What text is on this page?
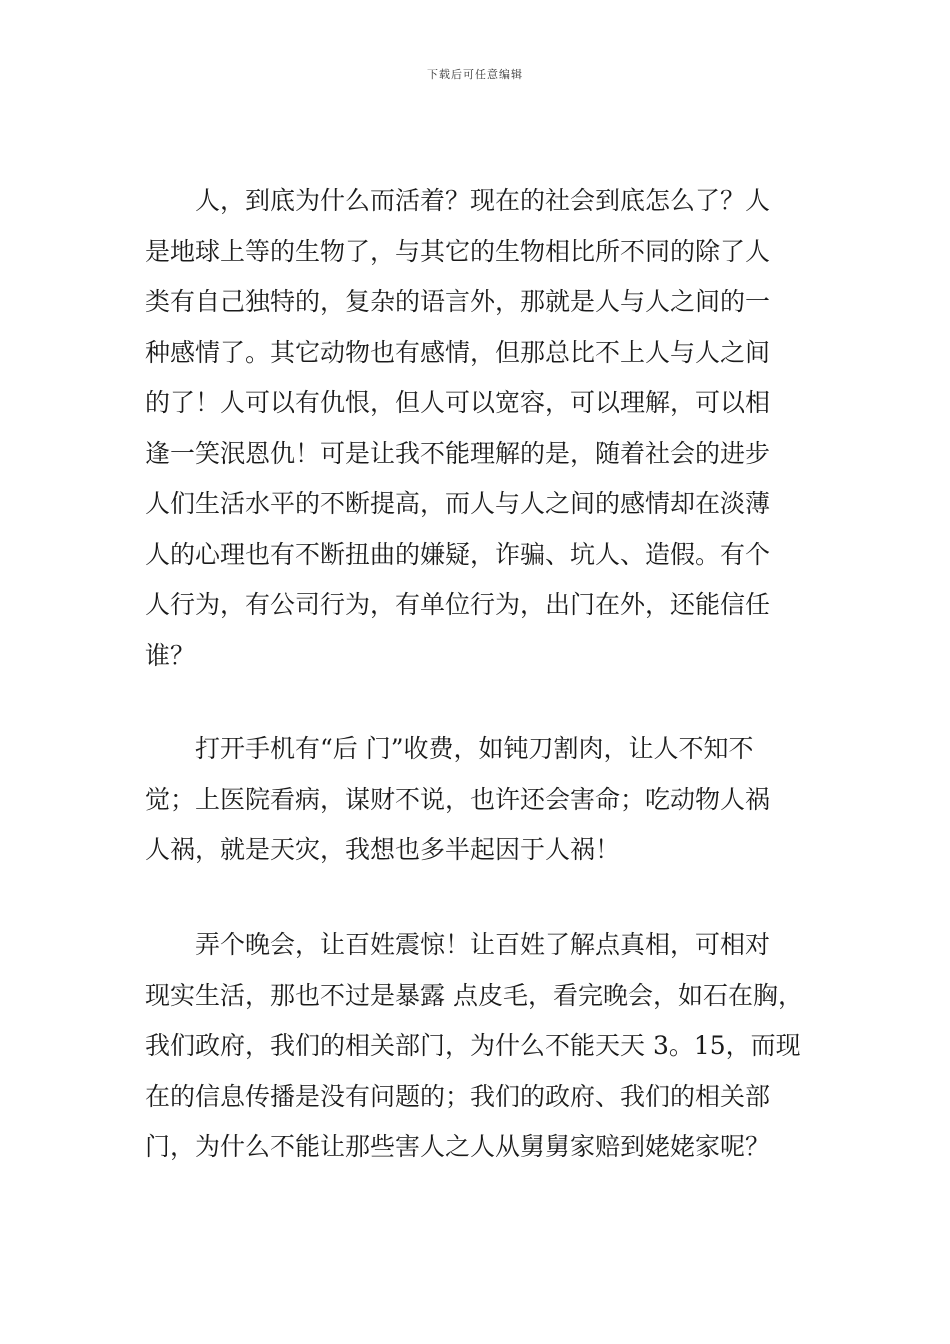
下载后可任意编辑
人，到底为什么而活着？现在的社会到底怎么了？人
是地球上等的生物了，与其它的生物相比所不同的除了人
类有自己独特的，复杂的语言外，那就是人与人之间的一
种感情了。其它动物也有感情，但那总比不上人与人之间
的了！人可以有仇恨，但人可以宽容，可以理解，可以相
逢一笑泯恩仇！可是让我不能理解的是，随着社会的进步
人们生活水平的不断提高，而人与人之间的感情却在淡薄
人的心理也有不断扭曲的嫌疑，诈骗、坑人、造假。有个
人行为，有公司行为，有单位行为，出门在外，还能信任
谁？
打开手机有“后 门”收费，如钝刀割肉，让人不知不
觉；上医院看病，谋财不说，也许还会害命；吃动物人祸
人祸，就是天灾，我想也多半起因于人祸！
弄个晚会，让百姓震惊！让百姓了解点真相，可相对
现实生活，那也不过是暴露 点皮毛，看完晚会，如石在胸，
我们政府，我们的相关部门，为什么不能天天 3。15，而现
在的信息传播是没有问题的；我们的政府、我们的相关部
门，为什么不能让那些害人之人从舅舅家赔到姥姥家呢？
